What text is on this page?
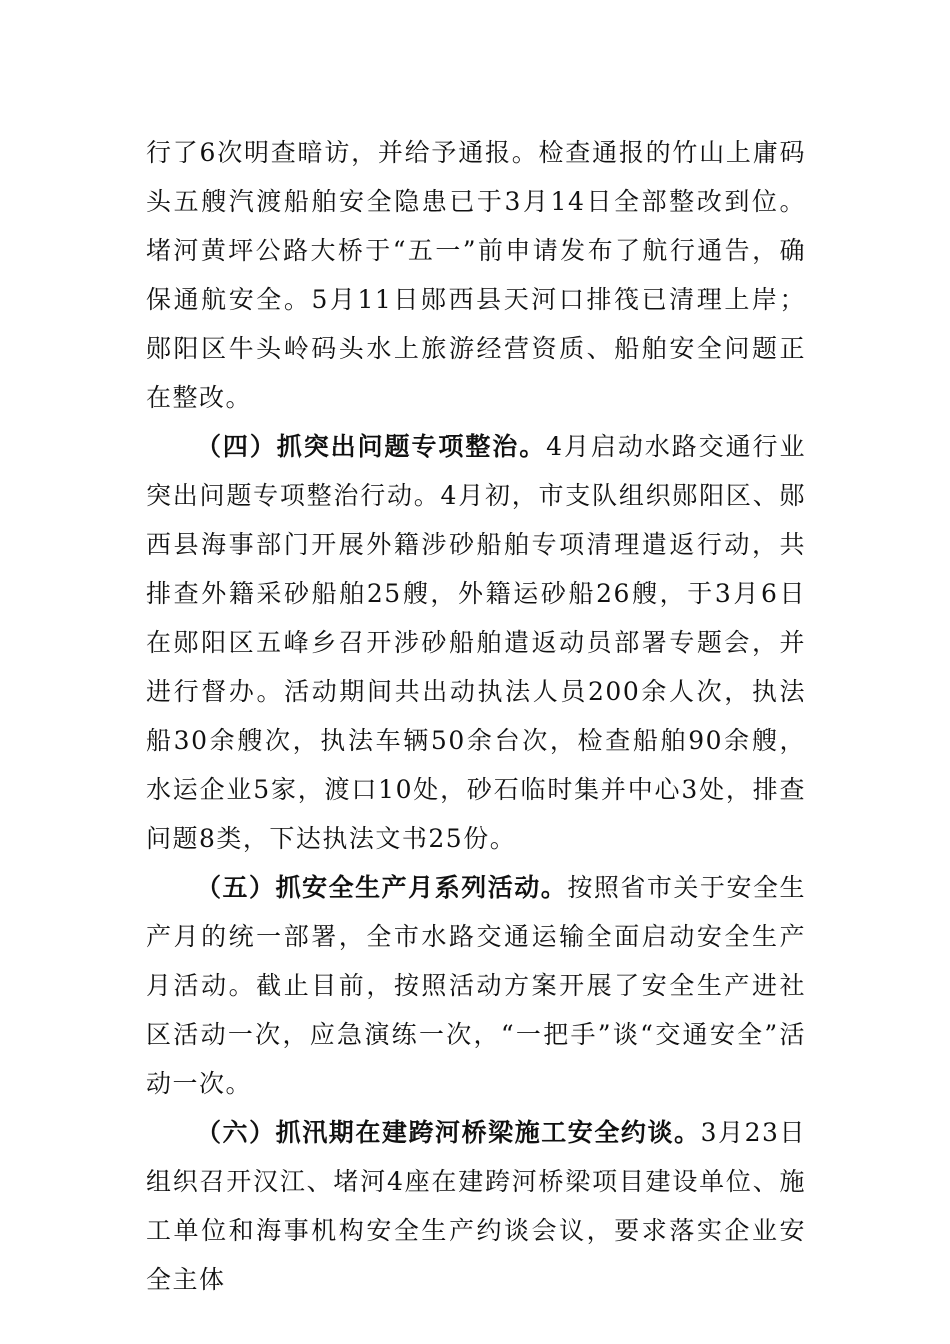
行了6次明查暗访，并给予通报。检查通报的竹山上庸码头五艘汽渡船舶安全隐患已于3月14日全部整改到位。堵河黄坪公路大桥于“五一”前申请发布了航行通告，确保通航安全。5月11日郧西县天河口排筏已清理上岸；郧阳区牛头岭码头水上旅游经营资质、船舶安全问题正在整改。

（四）抓突出问题专项整治。4月启动水路交通行业突出问题专项整治行动。4月初，市支队组织郧阳区、郧西县海事部门开展外籍涉砂船舶专项清理遣返行动，共排查外籍采砂船舶25艘，外籍运砂船26艘，于3月6日在郧阳区五峰乡召开涉砂船舶遣返动员部署专题会，并进行督办。活动期间共出动执法人员200余人次，执法船30余艘次，执法车辆50余台次，检查船舶90余艘，水运企业5家，渡口10处，砂石临时集并中心3处，排查问题8类，下达执法文书25份。

（五）抓安全生产月系列活动。按照省市关于安全生产月的统一部署，全市水路交通运输全面启动安全生产月活动。截止目前，按照活动方案开展了安全生产进社区活动一次，应急演练一次，“一把手”谈“交通安全”活动一次。

（六）抓汛期在建跨河桥梁施工安全约谈。3月23日组织召开汉江、堵河4座在建跨河桥梁项目建设单位、施工单位和海事机构安全生产约谈会议，要求落实企业安全主体
